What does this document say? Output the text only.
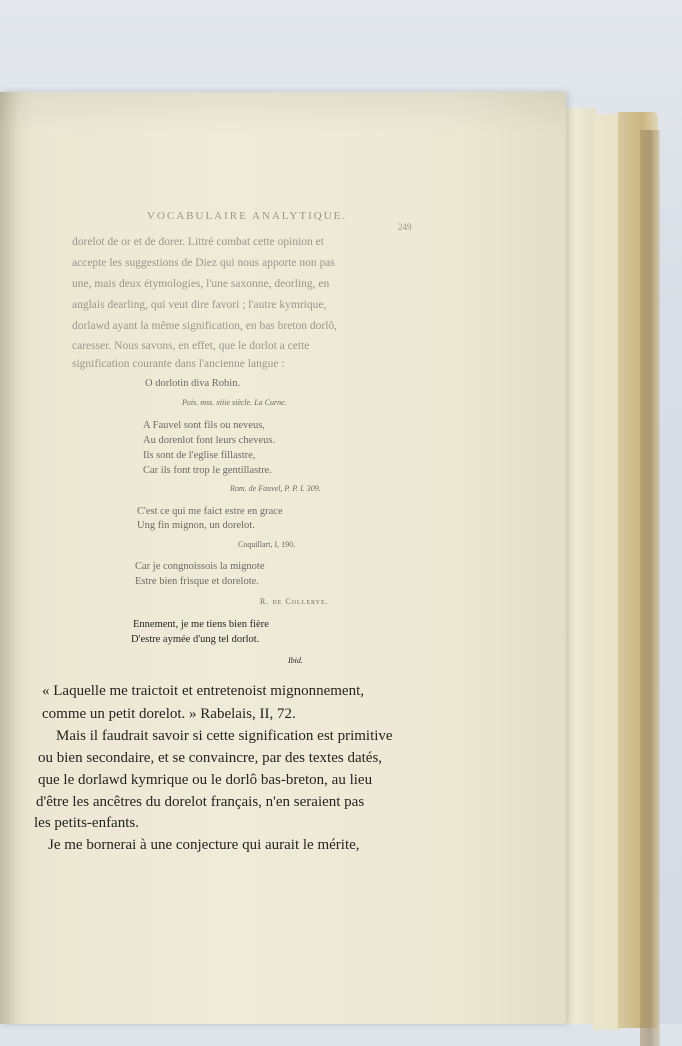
VOCABULAIRE ANALYTIQUE.
249
dorelot de or et de dorer. Littré combat cette opinion et
accepte les suggestions de Diez qui nous apporte non pas
une, mais deux étymologies, l'une saxonne, deorling, en
anglais dearling, qui veut dire favori ; l'autre kymrique,
dorlawd ayant la même signification, en bas breton dorlô,
caresser. Nous savons, en effet, que le dorlot a cette
signification courante dans l'ancienne langue :
O dorlotin diva Robin.
Pois. mss. xiiie siècle. La Curne.
A Fauvel sont fils ou neveus,
Au dorenlot font leurs cheveus.
Ils sont de l'eglise fillastre,
Car ils font trop le gentillastre.
Rom. de Fauvel, P. P. I. 309.
C'est ce qui me faict estre en grace
Ung fin mignon, un dorelot.
Coquillart, I, 190.
Car je congnoissois la mignote
Estre bien frisque et dorelote.
R. de Collerye.
Ennement, je me tiens bien fière
D'estre aymée d'ung tel dorlot.
Ibid.
« Laquelle me traictoit et entretenoist mignonnement,
comme un petit dorelot. » Rabelais, II, 72.
Mais il faudrait savoir si cette signification est primitive
ou bien secondaire, et se convaincre, par des textes datés,
que le dorlawd kymrique ou le dorlô bas-breton, au lieu
d'être les ancêtres du dorelot français, n'en seraient pas
les petits-enfants.
Je me bornerai à une conjecture qui aurait le mérite,
